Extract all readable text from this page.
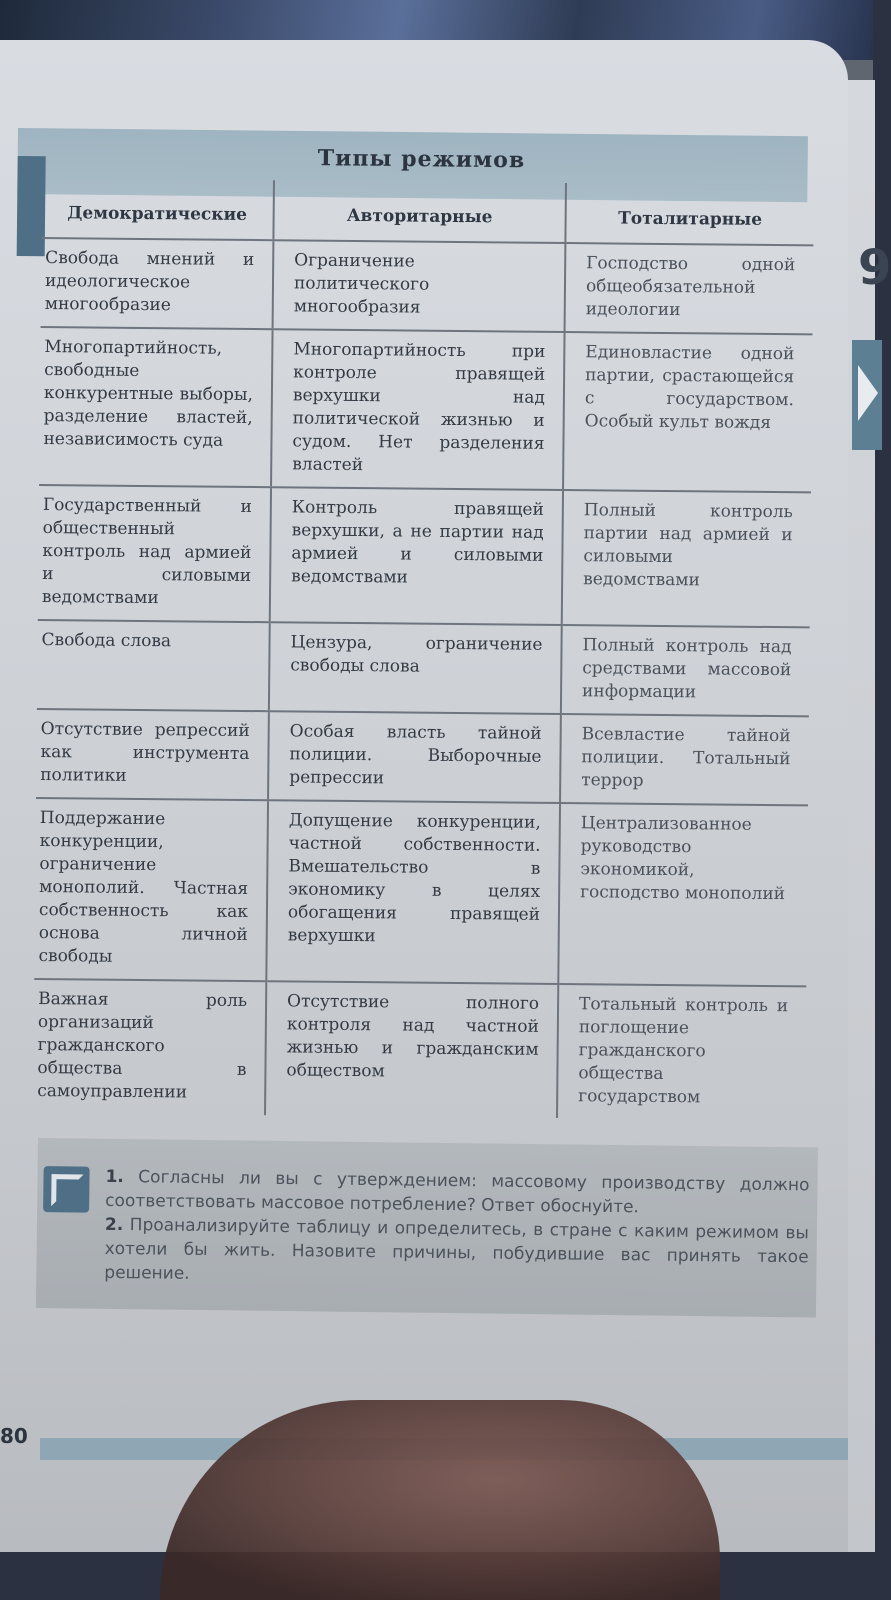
9
Типы режимов
Демократические	Авторитарные	Тоталитарные
Свобода мнений и идеологическое многообразие	Ограничение политического многообразия	Господство одной общеобязательной идеологии
Многопартийность, свободные конкурентные выборы, разделение властей, независимость суда	Многопартийность при контроле правящей верхушки над политической жизнью и судом. Нет разделения властей	Единовластие одной партии, срастающейся с государством. Особый культ вождя
Государственный и общественный контроль над армией и силовыми ведомствами	Контроль правящей верхушки, а не партии над армией и силовыми ведомствами	Полный контроль партии над армией и силовыми ведомствами
Свобода слова	Цензура, ограничение свободы слова	Полный контроль над средствами массовой информации
Отсутствие репрессий как инструмента политики	Особая власть тайной полиции. Выборочные репрессии	Всевластие тайной полиции. Тотальный террор
Поддержание конкуренции, ограничение монополий. Частная собственность как основа личной свободы	Допущение конкуренции, частной собственности. Вмешательство в экономику в целях обогащения правящей верхушки	Централизованное руководство экономикой, господство монополий
Важная роль организаций гражданского общества в самоуправлении	Отсутствие полного контроля над частной жизнью и гражданским обществом	Тотальный контроль и поглощение гражданского общества государством
1. Согласны ли вы с утверждением: массовому производству должно соответствовать массовое потребление? Ответ обоснуйте.
2. Проанализируйте таблицу и определитесь, в стране с каким режимом вы хотели бы жить. Назовите причины, побудившие вас принять такое решение.
80
